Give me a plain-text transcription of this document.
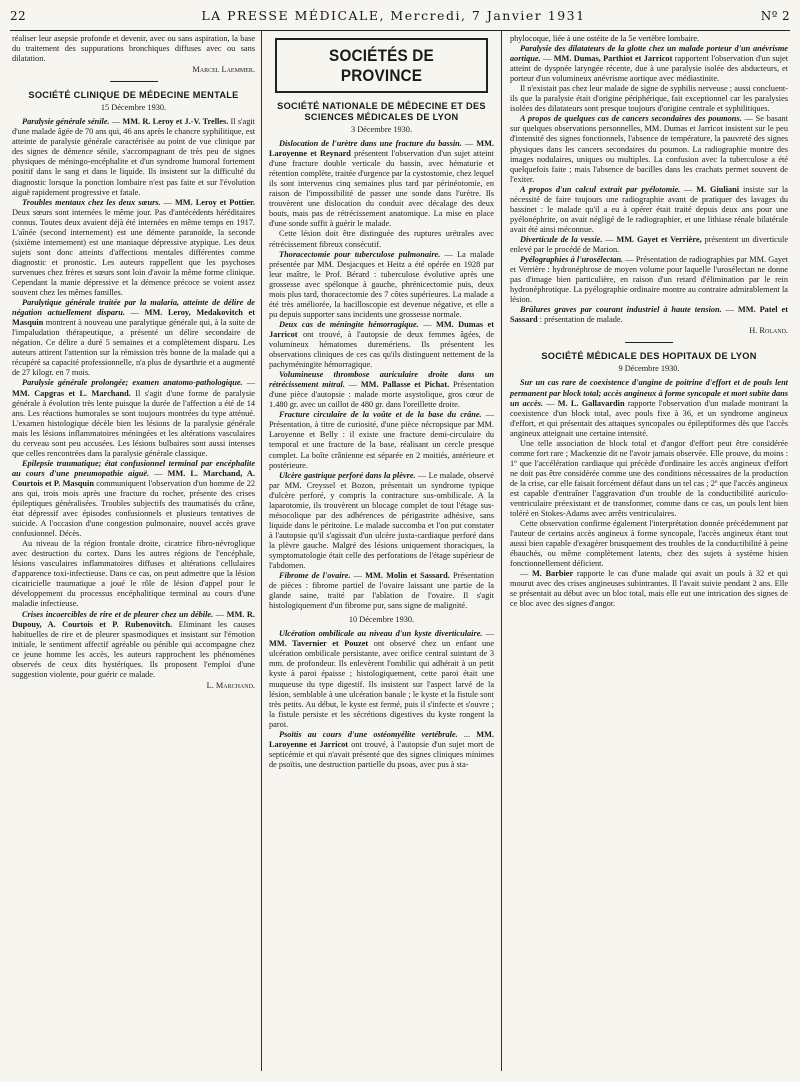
22	LA PRESSE MÉDICALE, Mercredi, 7 Janvier 1931	Nº 2

réaliser leur asepsie profonde et devenir, avec ou sans aspiration, la base du traitement des suppurations bronchiques diffuses avec ou sans dilatation.

Marcel Laemmer.

SOCIÉTÉ CLINIQUE DE MÉDECINE MENTALE

15 Décembre 1930.

Paralysie générale sénile. — MM. R. Leroy et J.-V. Trelles. Il s'agit d'une malade âgée de 70 ans qui, 46 ans après le chancre syphilitique, est atteinte de paralysie générale caractérisée au point de vue clinique par des signes de démence sénile, s'accompagnant de très peu de signes physiques de méningo-encéphalite et d'un syndrome humoral fortement positif dans le sang et dans le liquide. Ils insistent sur la difficulté du diagnostic lorsque la ponction lombaire n'est pas faite et sur l'évolution aiguë rapidement progressive et fatale.

Troubles mentaux chez les deux sœurs. — MM. Leroy et Pottier. Deux sœurs sont internées le même jour. Pas d'antécédents héréditaires connus. Toutes deux avaient déjà été internées en même temps en 1917. L'aînée (second internement) est une démente paranoïde, la seconde (sixième internement) est une maniaque dépressive atypique. Les deux sujets sont donc atteints d'affections mentales différentes comme diagnostic et pronostic. Les auteurs rappellent que les psychoses survenues chez frères et sœurs sont loin d'avoir la même forme clinique. Cependant la manie dépressive et la démence précoce se voient assez souvent chez les mêmes familles.

Paralytique générale traitée par la malaria, atteinte de délire de négation actuellement disparu. — MM. Leroy, Medakovitch et Masquin montrent à nouveau une paralytique générale qui, à la suite de l'impaludation thérapeutique, a présenté un délire secondaire de négation. Ce délire a duré 5 semaines et a complètement disparu. Les auteurs attirent l'attention sur la rémission très bonne de la malade qui a récupéré sa capacité professionnelle, n'a plus de dysarthrie et a augmenté de 27 kilogr. en 7 mois.

Paralysie générale prolongée; examen anatomo-pathologique. — MM. Capgras et L. Marchand. Il s'agit d'une forme de paralysie générale à évolution très lente puisque la durée de l'affection a été de 14 ans. Les réactions humorales se sont toujours montrées du type atténué. L'examen histologique décèle bien les lésions de la paralysie générale mais les lésions inflammatoires méningées et les altérations vasculaires du cerveau sont peu accusées. Les lésions bulbaires sont aussi intenses que celles rencontrées dans la paralysie générale classique.

Epilepsie traumatique; état confusionnel terminal par encéphalite au cours d'une pneumopathie aiguë. — MM. L. Marchand, A. Courtois et P. Masquin communiquent l'observation d'un homme de 22 ans qui, trois mois après une fracture du rocher, présente des crises épileptiques généralisées. Troubles subjectifs des traumatisés du crâne, état dépressif avec épisodes confusionnels et plusieurs tentatives de suicide. A l'occasion d'une congestion pulmonaire, nouvel accès grave confusionnel. Décès.

Au niveau de la région frontale droite, cicatrice fibro-névroglique avec destruction du cortex. Dans les autres régions de l'encéphale, lésions vasculaires inflammatoires diffuses et altérations cellulaires d'apparence toxi-infectieuse. Dans ce cas, on peut admettre que la lésion cicatricielle traumatique a joué le rôle de lésion d'appel pour le développement du processus encéphalitique terminal au cours d'une maladie infectieuse.

Crises incoercibles de rire et de pleurer chez un débile. — MM. R. Dupouy, A. Courtois et P. Rubenovitch. Eliminant les causes habituelles de rire et de pleurer spasmodiques et insistant sur l'émotion initiale, le sentiment affectif agréable ou pénible qui accompagne chez ce jeune homme les accès, les auteurs rapprochent les phénomènes observés de ceux dits hystériques. Ils proposent l'emploi d'une suggestion violente, pour guérir ce malade.

L. Marchand.

SOCIÉTÉS DE PROVINCE
SOCIÉTÉ NATIONALE DE MÉDECINE ET DES SCIENCES MÉDICALES DE LYON

3 Décembre 1930.

Dislocation de l'urètre dans une fracture du bassin. — MM. Laroyenne et Reynard présentent l'observation d'un sujet atteint d'une fracture double verticale du bassin, avec hématurie et rétention complète, traitée d'urgence par la cystostomie, chez lequel ils sont intervenus cinq semaines plus tard par périnéotomie, en raison de l'impossibilité de passer une sonde dans l'urètre. Ils trouvèrent une dislocation du conduit avec décalage des deux bouts, mais pas de rétrécissement anatomique. La mise en place d'une sonde suffit à guérir le malade.

Cette lésion doit être distinguée des ruptures urétrales avec rétrécissement fibreux consécutif.

Thoracectomie pour tuberculose pulmonaire. — La malade présentée par MM. Desjacques et Heitz a été opérée en 1928 par leur maître, le Prof. Bérard : tuberculose évolutive après une grossesse avec spélonque à gauche, phrénicectomie puis, deux mois plus tard, thoracectomie des 7 côtes supérieures. La malade a été très améliorée, la bacilloscopie est devenue négative, et elle a pu depuis supporter sans incidents une grossesse normale.

Deux cas de méningite hémorragique. — MM. Dumas et Jarricot ont trouvé, à l'autopsie de deux femmes âgées, de volumineux hématomes duremériens. Ils présentent les observations cliniques de ces cas qu'ils distinguent nettement de la pachyméningite hémorragique.

Volumineuse thrombose auriculaire droite dans un rétrécissement mitral. — MM. Pallasse et Pichat. Présentation d'une pièce d'autopsie : malade morte asystolique, gros cœur de 1.480 gr. avec un caillot de 480 gr. dans l'oreillette droite.

Fracture circulaire de la voûte et de la base du crâne. — Présentation, à titre de curiosité, d'une pièce nécropsique par MM. Laroyenne et Belly : il existe une fracture demi-circulaire du temporal et une fracture de la base, réalisant un cercle presque complet. La boîte crânienne est séparée en 2 moitiés, antérieure et postérieure.

Ulcère gastrique perforé dans la plèvre. — Le malade, observé par MM. Creyssel et Bozon, présentait un syndrome typique d'ulcère perforé, y compris la contracture sus-ombilicale. A la laparotomie, ils trouvèrent un blocage complet de tout l'étage sus-mésocolique par des adhérences de périgastrite adhésive, sans liquide dans le péritoine. Le malade succomba et l'on put constater à l'autopsie qu'il s'agissait d'un ulcère juxta-cardiaque perforé dans la plèvre gauche. Malgré des lésions uniquement thoraciques, la symptomatologie était celle des perforations de l'étage supérieur de l'abdomen.

Fibrome de l'ovaire. — MM. Molin et Sassard. Présentation de pièces : fibrome partiel de l'ovaire laissant une partie de la glande saine, traité par l'ablation de l'ovaire. Il s'agit histologiquement d'un fibrome pur, sans signe de malignité.

10 Décembre 1930.

Ulcération ombilicale au niveau d'un kyste diverticulaire. — MM. Tavernier et Pouzet ont observé chez un enfant une ulcération ombilicale persistante, avec orifice central suintant de 3 mm. de profondeur. Ils enlevèrent l'ombilic qui adhérait à un petit kyste à paroi épaisse ; histologiquement, cette paroi était une muqueuse du type digestif. Ils insistent sur l'aspect larvé de la lésion, semblable à une ulcération banale ; le kyste et la fistule sont très petits. Au début, le kyste est fermé, puis il s'infecte et s'ouvre ; la fistule persiste et les sécrétions digestives du kyste rongent la paroi.

Psoïtis au cours d'une ostéomyélite vertébrale. ... MM. Laroyenne et Jarricot ont trouvé, à l'autopsie d'un sujet mort de septicémie et qui n'avait présenté que des signes cliniques minimes de psoïtis, une destruction partielle du psoas, avec pus à sta-

phylocoque, liée à une ostéite de la 5e vertèbre lombaire.

Paralysie des dilatateurs de la glotte chez un malade porteur d'un anévrisme aortique. — MM. Dumas, Parthiot et Jarricot rapportent l'observation d'un sujet atteint de dyspnée laryngée récente, due à une paralysie isolée des abducteurs, et porteur d'un volumineux anévrisme aortique avec médiastinite.

Il n'existait pas chez leur malade de signe de syphilis nerveuse ; aussi concluent-ils que la paralysie était d'origine périphérique, fait exceptionnel car les paralysies isolées des dilatateurs sont presque toujours d'origine centrale et syphilitiques.

A propos de quelques cas de cancers secondaires des poumons. — Se basant sur quelques observations personnelles, MM. Dumas et Jarricot insistent sur le peu d'intensité des signes fonctionnels, l'absence de température, la pauvreté des signes physiques dans les cancers secondaires du poumon. La radiographie montre des images nodulaires, uniques ou multiples. La confusion avec la tuberculose a été quelquefois faite ; mais l'absence de bacilles dans les crachats permet souvent de l'exiter.

A propos d'un calcul extrait par pyélotomie. — M. Giuliani insiste sur la nécessité de faire toujours une radiographie avant de pratiquer des lavages du bassinet : le malade qu'il a eu à opérer était traité depuis deux ans pour une pyélonéphrite, on avait négligé de le radiographier, et une lithiase rénale bilatérale avait été ainsi méconnue.

Diverticule de la vessie. — MM. Gayet et Verrière, présentent un diverticule enlevé par le procédé de Marion.

Pyélographies à l'urosélectan. — Présentation de radiographies par MM. Gayet et Verrière : hydronéphrose de moyen volume pour laquelle l'urosélectan ne donne pas d'image bien particulière, en raison d'un retard d'élimination par le rein hydronéphrotique. La pyélographie ordinaire montre au contraire admirablement la lésion.

Brûlures graves par courant industriel à haute tension. — MM. Patel et Sassard : présentation de malade.

H. Roland.

SOCIÉTÉ MÉDICALE DES HOPITAUX DE LYON

9 Décembre 1930.

Sur un cas rare de coexistence d'angine de poitrine d'effort et de pouls lent permanent par block total; accès angineux à forme syncopale et mort subite dans un accès. — M. L. Gallavardin rapporte l'observation d'un malade montrant la coexistence d'un block total, avec pouls fixe à 36, et un syndrome angineux d'effort, et qui présentait des attaques syncopales ou épileptiformes dès que l'accès angineux atteignait une certaine intensité.

Une telle association de block total et d'angor d'effort peut être considérée comme fort rare ; Mackenzie dit ne l'avoir jamais observée. Elle prouve, du moins : 1º que l'accélération cardiaque qui précède d'ordinaire les accès angineux d'effort ne doit pas être considérée comme une des conditions nécessaires de la production de la crise, car elle faisait forcément défaut dans un tel cas ; 2º que l'accès angineux est capable d'entraîner l'aggravation d'un trouble de la conductibilité auriculo-ventriculaire préexistant et de transformer, comme dans ce cas, un pouls lent bien toléré en Stokes-Adams avec arrêts ventriculaires.

Cette observation confirme également l'interprétation donnée précédemment par l'auteur de certains accès angineux à forme syncopale, l'accès angineux étant tout aussi bien capable d'exagérer brusquement des troubles de la conductibilité à peine ébauchés, ou même complètement latents, chez des sujets à système hisien fonctionnellement déficient.

— M. Barbier rapporte le cas d'une malade qui avait un pouls à 32 et qui mourut avec des crises angineuses subintrantes. Il l'avait suivie pendant 2 ans. Elle se présentait au début avec un bloc total, mais elle eut une intrication des signes de ce bloc avec des signes d'angor.
